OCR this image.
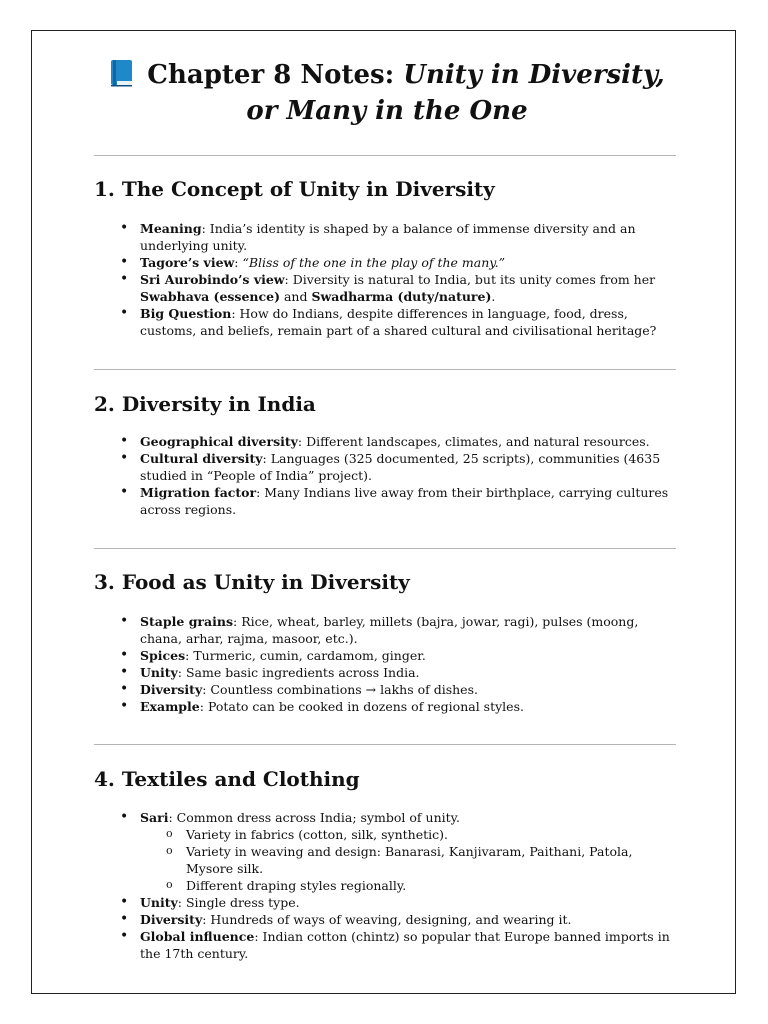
Chapter 8 Notes: Unity in Diversity, or Many in the One
1. The Concept of Unity in Diversity
• Meaning: India’s identity is shaped by a balance of immense diversity and an underlying unity.
• Tagore’s view: “Bliss of the one in the play of the many.”
• Sri Aurobindo’s view: Diversity is natural to India, but its unity comes from her Swabhava (essence) and Swadharma (duty/nature).
• Big Question: How do Indians, despite differences in language, food, dress, customs, and beliefs, remain part of a shared cultural and civilisational heritage?
2. Diversity in India
• Geographical diversity: Different landscapes, climates, and natural resources.
• Cultural diversity: Languages (325 documented, 25 scripts), communities (4635 studied in “People of India” project).
• Migration factor: Many Indians live away from their birthplace, carrying cultures across regions.
3. Food as Unity in Diversity
• Staple grains: Rice, wheat, barley, millets (bajra, jowar, ragi), pulses (moong, chana, arhar, rajma, masoor, etc.).
• Spices: Turmeric, cumin, cardamom, ginger.
• Unity: Same basic ingredients across India.
• Diversity: Countless combinations → lakhs of dishes.
• Example: Potato can be cooked in dozens of regional styles.
4. Textiles and Clothing
• Sari: Common dress across India; symbol of unity.
o Variety in fabrics (cotton, silk, synthetic).
o Variety in weaving and design: Banarasi, Kanjivaram, Paithani, Patola, Mysore silk.
o Different draping styles regionally.
• Unity: Single dress type.
• Diversity: Hundreds of ways of weaving, designing, and wearing it.
• Global influence: Indian cotton (chintz) so popular that Europe banned imports in the 17th century.
